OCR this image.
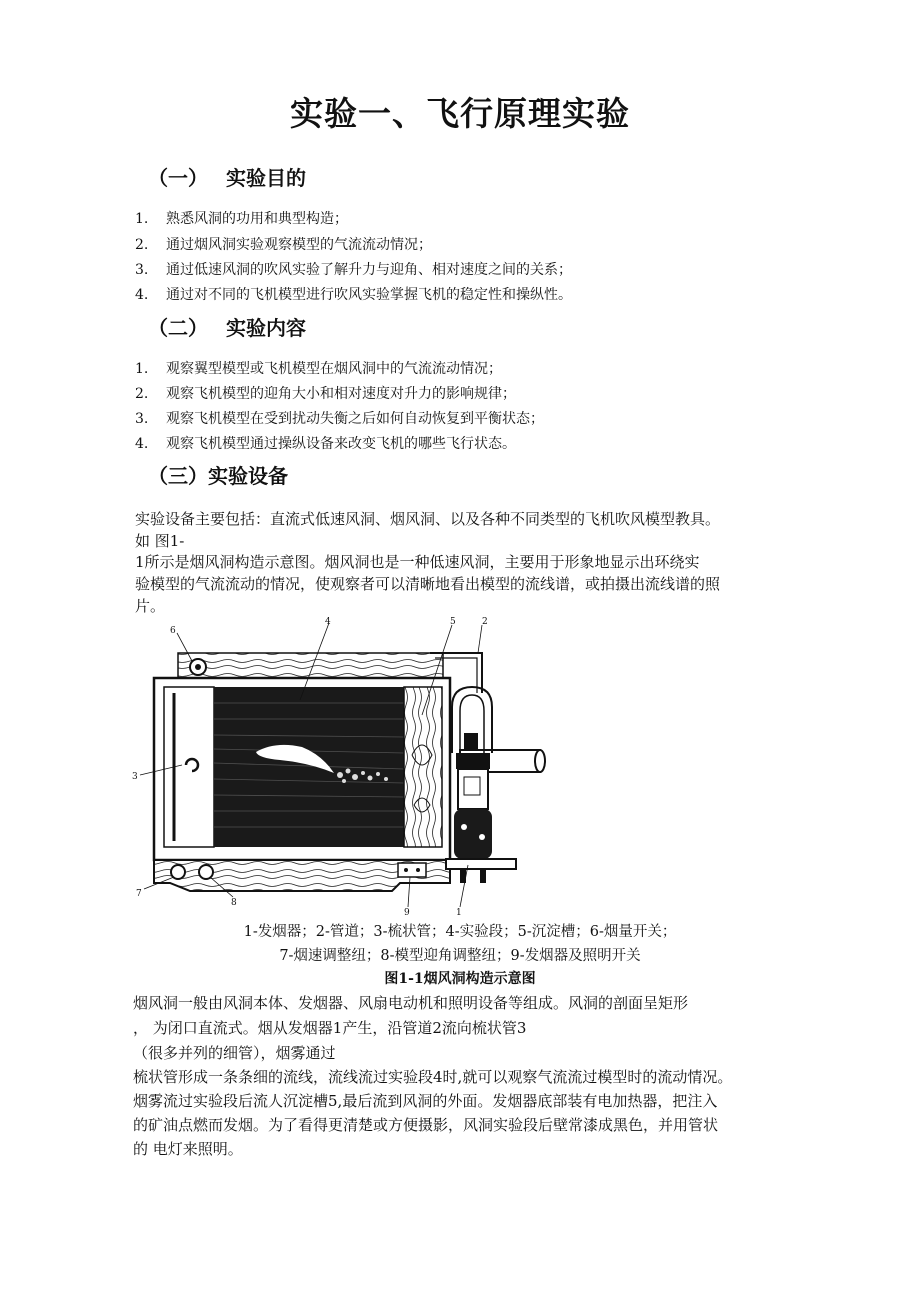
实验一、飞行原理实验
（一） 实验目的
1. 熟悉风洞的功用和典型构造；
2. 通过烟风洞实验观察模型的气流流动情况；
3. 通过低速风洞的吹风实验了解升力与迎角、相对速度之间的关系；
4. 通过对不同的飞机模型进行吹风实验掌握飞机的稳定性和操纵性。
（二） 实验内容
1. 观察翼型模型或飞机模型在烟风洞中的气流流动情况；
2. 观察飞机模型的迎角大小和相对速度对升力的影响规律；
3. 观察飞机模型在受到扰动失衡之后如何自动恢复到平衡状态；
4. 观察飞机模型通过操纵设备来改变飞机的哪些飞行状态。
（三）实验设备
实验设备主要包括：直流式低速风洞、烟风洞、以及各种不同类型的飞机吹风模型教具。
如 图1-
1所示是烟风洞构造示意图。烟风洞也是一种低速风洞，主要用于形象地显示出环绕实
验模型的气流流动的情况，使观察者可以清晰地看出模型的流线谱，或拍摄出流线谱的照
片。
6
4	5	2
3
7
8
9	1
1-发烟器；2-管道；3-梳状管；4-实验段；5-沉淀槽；6-烟量开关；
7-烟速调整纽；8-模型迎角调整纽；9-发烟器及照明开关
图1-1烟风洞构造示意图
烟风洞一般由风洞本体、发烟器、风扇电动机和照明设备等组成。风洞的剖面呈矩形
， 为闭口直流式。烟从发烟器1产生，沿管道2流向梳状管3
（很多并列的细管），烟雾通过
梳状管形成一条条细的流线，流线流过实验段4时,就可以观察气流流过模型时的流动情况。
烟雾流过实验段后流人沉淀槽5,最后流到风洞的外面。发烟器底部装有电加热器，把注入
的矿油点燃而发烟。为了看得更清楚或方便摄影，风洞实验段后壁常漆成黑色，并用管状
的 电灯来照明。
